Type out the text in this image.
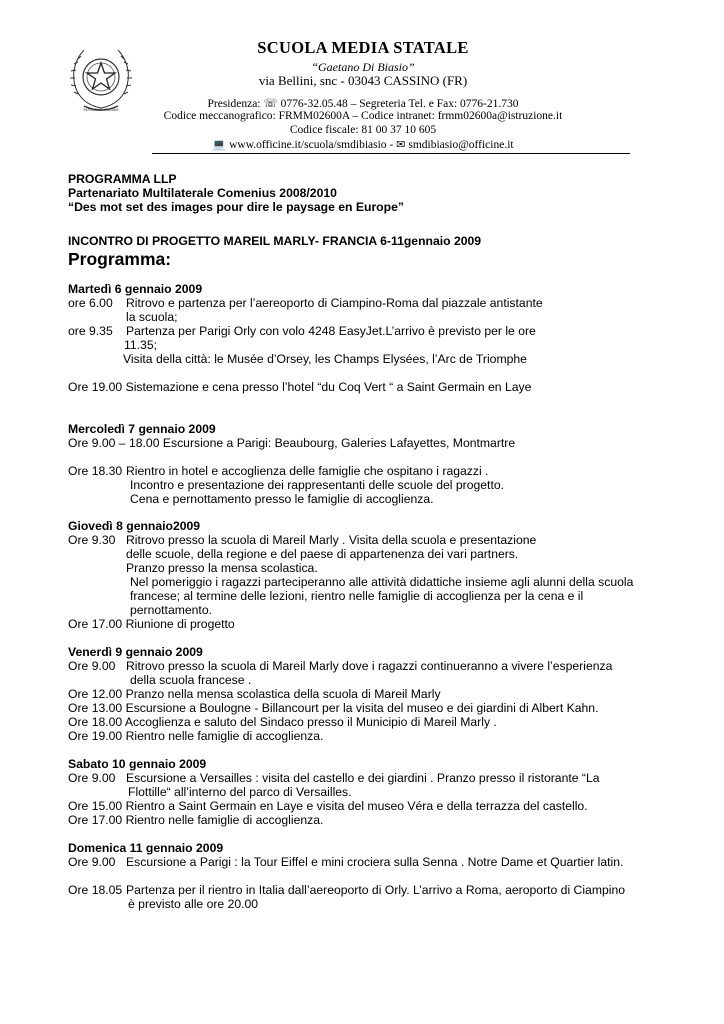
REPVBBLICA ITALIANA
SCUOLA MEDIA STATALE
“Gaetano Di Biasio”
via Bellini, snc - 03043 CASSINO (FR)
Presidenza: ☏ 0776-32.05.48 – Segreteria Tel. e Fax: 0776-21.730
Codice meccanografico: FRMM02600A – Codice intranet: frmm02600a@istruzione.it
Codice fiscale: 81 00 37 10 605
💻 www.officine.it/scuola/smdibiasio - ✉ smdibiasio@officine.it
PROGRAMMA LLP
Partenariato Multilaterale Comenius 2008/2010
“Des mot set des images pour dire le paysage en Europe”
INCONTRO DI PROGETTO MAREIL MARLY- FRANCIA 6-11gennaio 2009
Programma:
Martedì 6 gennaio 2009
ore 6.00 Ritrovo e partenza per l’aereoporto di Ciampino-Roma dal piazzale antistante
la scuola;
ore 9.35 Partenza per Parigi Orly con volo 4248 EasyJet.L’arrivo è previsto per le ore
11.35;
Visita della città: le Musée d’Orsey, les Champs Elysées, l’Arc de Triomphe
Ore 19.00 Sistemazione e cena presso l’hotel “du Coq Vert “ a Saint Germain en Laye
Mercoledì 7 gennaio 2009
Ore 9.00 – 18.00 Escursione a Parigi: Beaubourg, Galeries Lafayettes, Montmartre
Ore 18.30 Rientro in hotel e accoglienza delle famiglie che ospitano i ragazzi .
Incontro e presentazione dei rappresentanti delle scuole del progetto.
Cena e pernottamento presso le famiglie di accoglienza.
Giovedì 8 gennaio2009
Ore 9.30 Ritrovo presso la scuola di Mareil Marly . Visita della scuola e presentazione
delle scuole, della regione e del paese di appartenenza dei vari partners.
Pranzo presso la mensa scolastica.
Nel pomeriggio i ragazzi parteciperanno alle attività didattiche insieme agli alunni della scuola
francese; al termine delle lezioni, rientro nelle famiglie di accoglienza per la cena e il
pernottamento.
Ore 17.00 Riunione di progetto
Venerdì 9 gennaio 2009
Ore 9.00 Ritrovo presso la scuola di Mareil Marly dove i ragazzi continueranno a vivere l’esperienza
della scuola francese .
Ore 12.00 Pranzo nella mensa scolastica della scuola di Mareil Marly
Ore 13.00 Escursione a Boulogne - Billancourt per la visita del museo e dei giardini di Albert Kahn.
Ore 18.00 Accoglienza e saluto del Sindaco presso il Municipio di Mareil Marly .
Ore 19.00 Rientro nelle famiglie di accoglienza.
Sabato 10 gennaio 2009
Ore 9.00 Escursione a Versailles : visita del castello e dei giardini . Pranzo presso il ristorante “La
Flottille“ all’interno del parco di Versailles.
Ore 15.00 Rientro a Saint Germain en Laye e visita del museo Véra e della terrazza del castello.
Ore 17.00 Rientro nelle famiglie di accoglienza.
Domenica 11 gennaio 2009
Ore 9.00 Escursione a Parigi : la Tour Eiffel e mini crociera sulla Senna . Notre Dame et Quartier latin.
Ore 18.05 Partenza per il rientro in Italia dall’aereoporto di Orly. L’arrivo a Roma, aeroporto di Ciampino
è previsto alle ore 20.00
